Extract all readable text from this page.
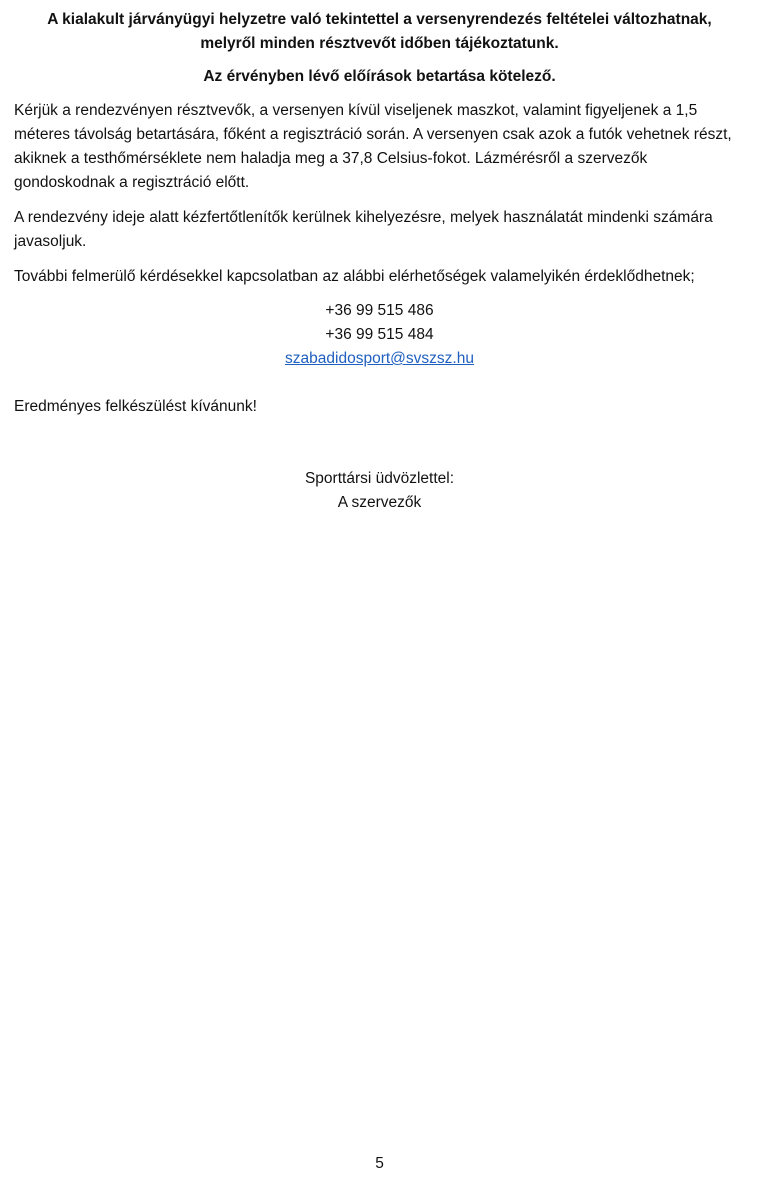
A kialakult járványügyi helyzetre való tekintettel a versenyrendezés feltételei változhatnak,
melyről minden résztvevőt időben tájékoztatunk.

Az érvényben lévő előírások betartása kötelező.

Kérjük a rendezvényen résztvevők, a versenyen kívül viseljenek maszkot, valamint figyeljenek a 1,5 méteres távolság betartására, főként a regisztráció során. A versenyen csak azok a futók vehetnek részt, akiknek a testhőmérséklete nem haladja meg a 37,8 Celsius-fokot. Lázmérésről a szervezők gondoskodnak a regisztráció előtt.

A rendezvény ideje alatt kézfertőtlenítők kerülnek kihelyezésre, melyek használatát mindenki számára javasoljuk.

További felmerülő kérdésekkel kapcsolatban az alábbi elérhetőségek valamelyikén érdeklődhetnek;

+36 99 515 486
+36 99 515 484
szabadidosport@svszsz.hu
Eredményes felkészülést kívánunk!
Sporttársi üdvözlettel:
A szervezők
5
